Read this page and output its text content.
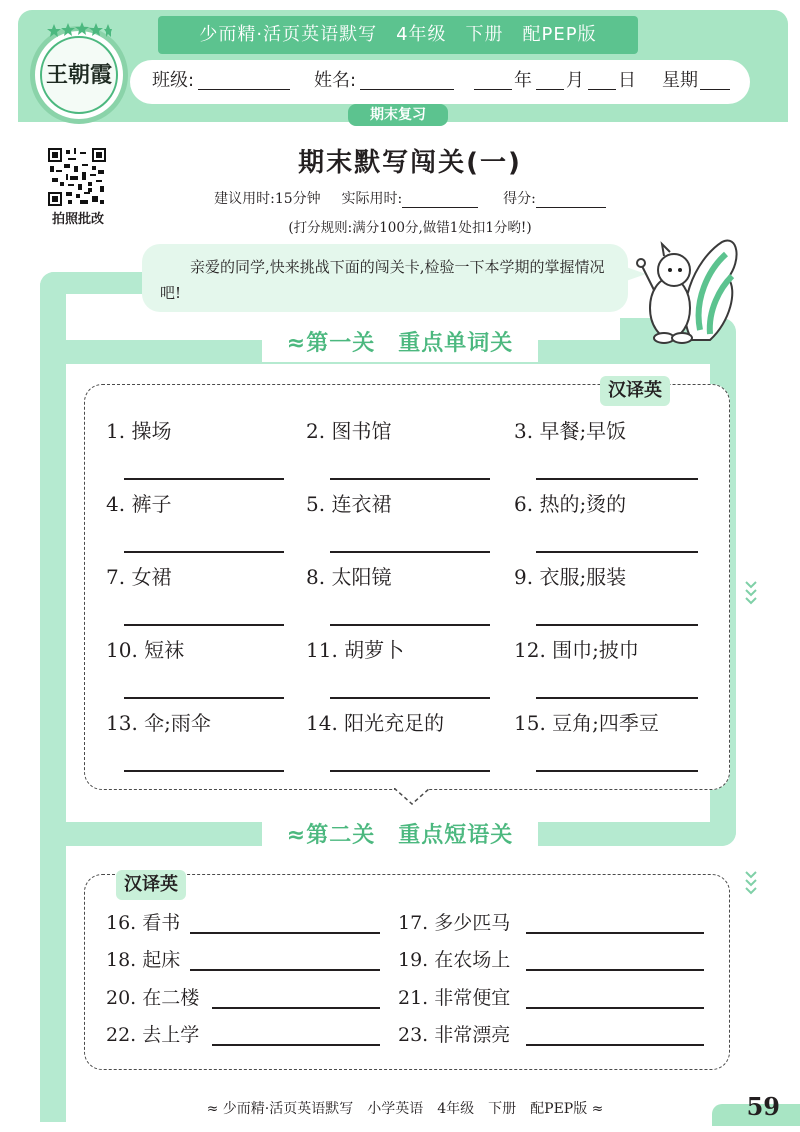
少而精·活页英语默写　4年级　下册　配PEP版
班级:	姓名:	年 月 日 星期
王朝霞
期末复习
拍照批改
期末默写闯关(一)
建议用时:15分钟 实际用时:	得分:
(打分规则:满分100分,做错1处扣1分哟!)
亲爱的同学,快来挑战下面的闯关卡,检验一下本学期的掌握情况吧!
≈第一关　重点单词关
汉译英
1. 操场	2. 图书馆	3. 早餐;早饭
4. 裤子	5. 连衣裙	6. 热的;烫的
7. 女裙	8. 太阳镜	9. 衣服;服装
10. 短袜	11. 胡萝卜	12. 围巾;披巾
13. 伞;雨伞	14. 阳光充足的	15. 豆角;四季豆
≈第二关　重点短语关
汉译英
16. 看书	17. 多少匹马
18. 起床	19. 在农场上
20. 在二楼	21. 非常便宜
22. 去上学	23. 非常漂亮
≈ 少而精·活页英语默写　小学英语　4年级　下册　配PEP版 ≈	59
